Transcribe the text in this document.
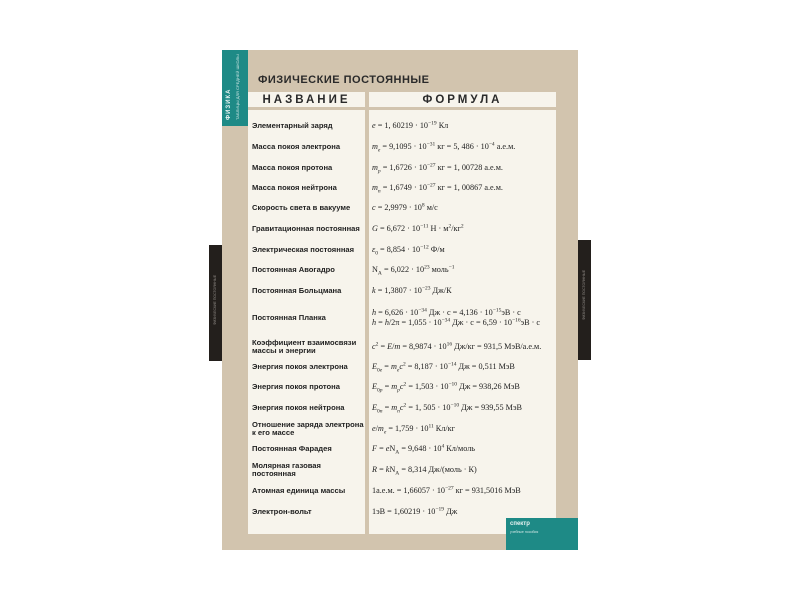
ФИЗИКА ТАБЛИЦЫ ДЛЯ СРЕДНЕЙ ШКОЛЫ ФИЗИЧЕСКИЕ ПОСТОЯННЫЕ
НАЗВАНИЕ	ФОРМУЛА
Элементарный заряд
Масса покоя электрона
Масса покоя протона
Масса покоя нейтрона
Скорость света в вакууме
Гравитационная постоянная
Электрическая постоянная
Постоянная Авогадро
Постоянная Больцмана
Постоянная Планка
Коэффициент взаимосвязи массы и энергии
Энергия покоя электрона
Энергия покоя протона
Энергия покоя нейтрона
Отношение заряда электрона к его массе
Постоянная Фарадея
Молярная газовая постоянная
Атомная единица массы
Электрон-вольт
e = 1, $60219 \cdot 10^{-19}$ Кл
$m_e = 9,1095 \cdot 10^{-31}$ кг = 5, $486 \cdot 10^{-4}$ а.е.м.
$m_p = 1,6726 \cdot 10^{-27}$ кг = 1, 00728 а.е.м.
$m_n = 1,6749 \cdot 10^{-27}$ кг = 1, 00867 а.е.м.
$c = 2,9979 \cdot 10^8$ м/с
$G = 6,672 \cdot 10^{-11}$ $Н \cdot м^2/кг^2$
$\varepsilon_0 = 8,854 \cdot 10^{-12}$ Ф/м
$N_A = 6,022 \cdot 10^{23}$ моль$^{-1}$
$k = 1,3807 \cdot 10^{-23}$ Дж/К
$h = 6,626 \cdot 10^{-34}$ Дж · $с = 4,136 \cdot 10^{-15}эВ \cdot с$
$h = h/2\pi = 1,055 \cdot 10^{-34}$ Дж · $с = 6,59 \cdot 10^{-16}эВ \cdot с$
$c^2 = E/m = 8,9874 \cdot 10^{16}$ Дж/кг = 931,5 МэВ/а.е.м.
$E_{0e} = m_ec^2 = 8,187 \cdot 10^{-14}$ Дж = 0,511 МэВ
$E_{0p} = m_pc^2 = 1,503 \cdot 10^{-10}$ Дж = 938,26 МэВ
$E_{0n} = m_nc^2 = 1$, $505 \cdot 10^{-10}$ Дж = 939,55 МэВ
$e/m_e = 1,759 \cdot 10^{11}$ Кл/кг
$F = eN_A = 9,648 \cdot 10^4$ Кл/моль
$R = kN_A = 8,314$ Дж/(моль · К)
1а.е.м. = $1,66057 \cdot 10^{-27}$ кг = 931,5016 МэВ
$1эВ = 1,60219 \cdot 10^{-19}$ Дж
ФИЗИЧЕСКИЕ ПОСТОЯННЫЕ	ФИЗИЧЕСКИЕ ПОСТОЯННЫЕ
спектр
учебные пособия
